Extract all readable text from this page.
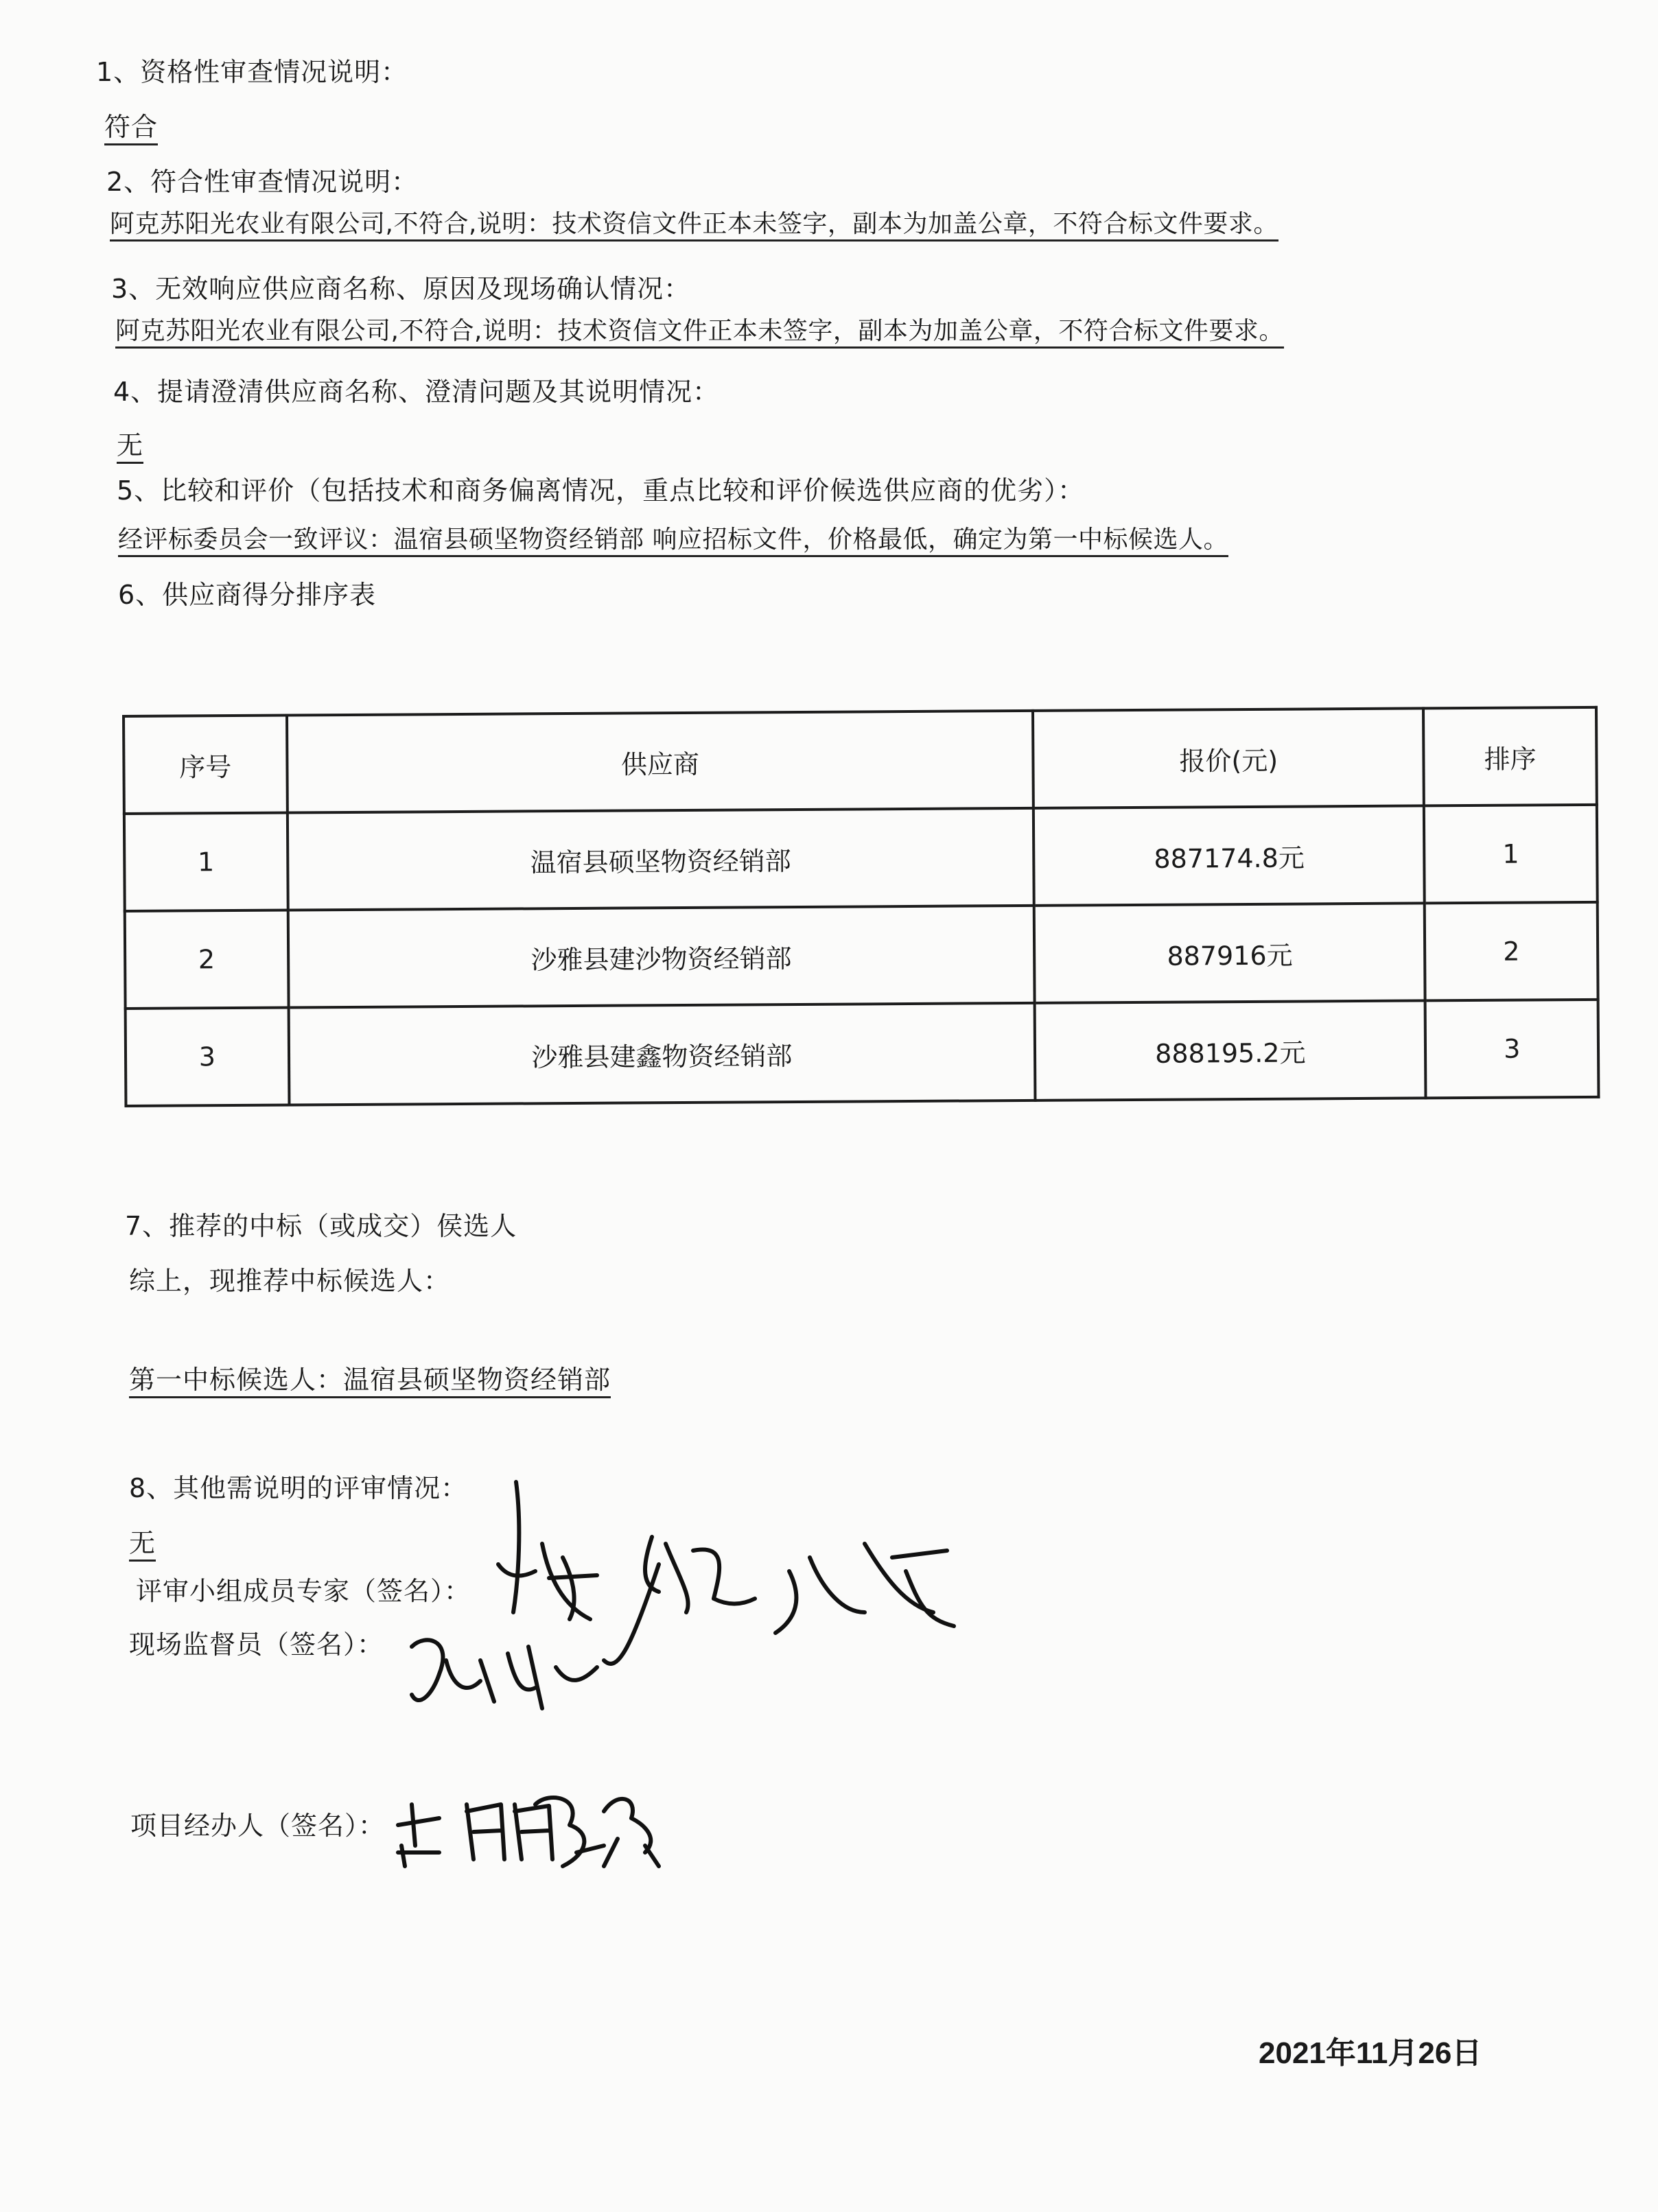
1、资格性审查情况说明：
符合
2、符合性审查情况说明：
阿克苏阳光农业有限公司,不符合,说明：技术资信文件正本未签字，副本为加盖公章，不符合标文件要求。
3、无效响应供应商名称、原因及现场确认情况：
阿克苏阳光农业有限公司,不符合,说明：技术资信文件正本未签字，副本为加盖公章，不符合标文件要求。
4、提请澄清供应商名称、澄清问题及其说明情况：
无
5、比较和评价（包括技术和商务偏离情况，重点比较和评价候选供应商的优劣）：
经评标委员会一致评议：温宿县硕坚物资经销部 响应招标文件，价格最低，确定为第一中标候选人。
6、供应商得分排序表
序号	供应商	报价(元)	排序
1	温宿县硕坚物资经销部	887174.8元	1
2	沙雅县建沙物资经销部	887916元	2
3	沙雅县建鑫物资经销部	888195.2元	3
7、推荐的中标（或成交）侯选人
综上，现推荐中标候选人：
第一中标候选人：温宿县硕坚物资经销部
8、其他需说明的评审情况：
无
评审小组成员专家（签名）：
现场监督员（签名）：
项目经办人（签名）：
2021年11月26日
